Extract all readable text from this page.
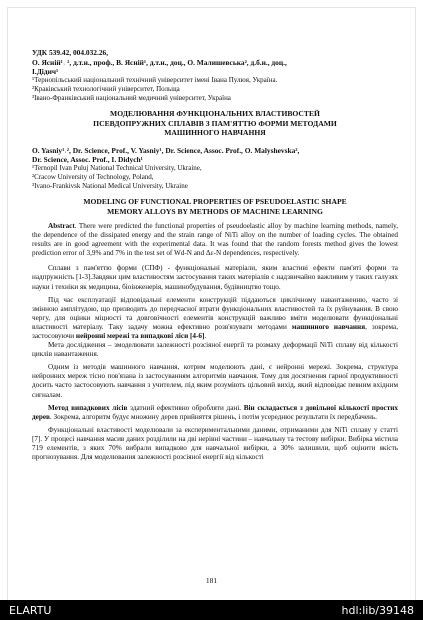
УДК 539.42, 004.032.26,
О. Ясній¹˒ ², д.т.н., проф., В. Ясній¹, д.т.н., доц., О. Малишевська², д.б.н., доц.,
І.Дідич¹
¹Тернопільський національний технічний університет імені Івана Пулюя, Україна.
²Краківський технологічний університет, Польща
³Івано-Франківський національний медичний університет, Україна
МОДЕЛЮВАННЯ ФУНКЦІОНАЛЬНИХ ВЛАСТИВОСТЕЙ
ПСЕВДОПРУЖНИХ СПЛАВІВ З ПАМ'ЯТТЮ ФОРМИ МЕТОДАМИ
МАШИННОГО НАВЧАННЯ
O. Yasniy¹˒², Dr. Science, Prof., V. Yasniy¹, Dr. Science, Assoc. Prof., O. Malyshevska²,
Dr. Science, Assoc. Prof., I. Didych¹
¹Ternopil Ivan Puluj National Technical University, Ukraine,
²Cracow University of Technology, Poland,
³Ivano-Frankivsk National Medical University, Ukraine
MODELING OF FUNCTIONAL PROPERTIES OF PSEUDOELASTIC SHAPE
MEMORY ALLOYS BY METHODS OF MACHINE LEARNING
Abstract. There were predicted the functional properties of pseudoelastic alloy by machine learning methods, namely, the dependence of the dissipated energy and the strain range of NiTi alloy on the number of loading cycles. The obtained results are in good agreement with the experimental data. It was found that the random forests method gives the lowest prediction error of 3,9% and 7% in the test set of Wd-N and Δε-N dependences, respectively.
Сплави з пам'яттю форми (СПФ) - функціональні матеріали, яким властиві ефекти пам'яті форми та надпружність [1-3].Завдяки цим властивостям застосування таких матеріалів є надзвичайно важливим у таких галузях науки і техніки як медицина, біоінженерія, машинобудування, будівництво тощо.
Під час експлуатації відповідальні елементи конструкцій піддаються циклічному навантаженню, часто зі змінною амплітудою, що призводить до передчасної втрати функціональних властивостей та їх руйнування. В свою чергу, для оцінки міцності та довговічності елементів конструкцій важливо вміти моделювати функціональні властивості матеріалу. Таку задачу можна ефективно розв'язувати методами машинного навчання, зокрема, застосовуючи нейронні мережі та випадкові ліси [4-6].
Мета дослідження – змоделювати залежності розсіяної енергії та розмаху деформації NiTi сплаву від кількості циклів навантаження.
Одним із методів машинного навчання, котрим моделюють дані, є нейронні мережі. Зокрема, структура нейронних мереж тісно пов'язана із застосуванням алгоритмів навчання. Тому для досягнення гарної продуктивності досить часто застосовують навчання з учителем, під яким розуміють цільовий вихід, який відповідає певним вхідним сигналам.
Метод випадкових лісів здатний ефективно обробляти дані. Він складається з довільної кількості простих дерев. Зокрема, алгоритм будує множину дерев прийняття рішень, і потім усереднює результати їх передбачень.
Функціональні властивості моделювали за експериментальними даними, отриманими для NiTi сплаву у статті [7]. У процесі навчання масив даних розділили на дві нерівні частини – навчальну та тестову вибірки. Вибірка містила 719 елементів, з яких 70% вибрали випадково для навчальної вибірки, а 30% залишили, щоб оцінити якість прогнозування. Для моделювання залежності розсіяної енергії від кількості
181
ELARTU	hdl:lib/39148
